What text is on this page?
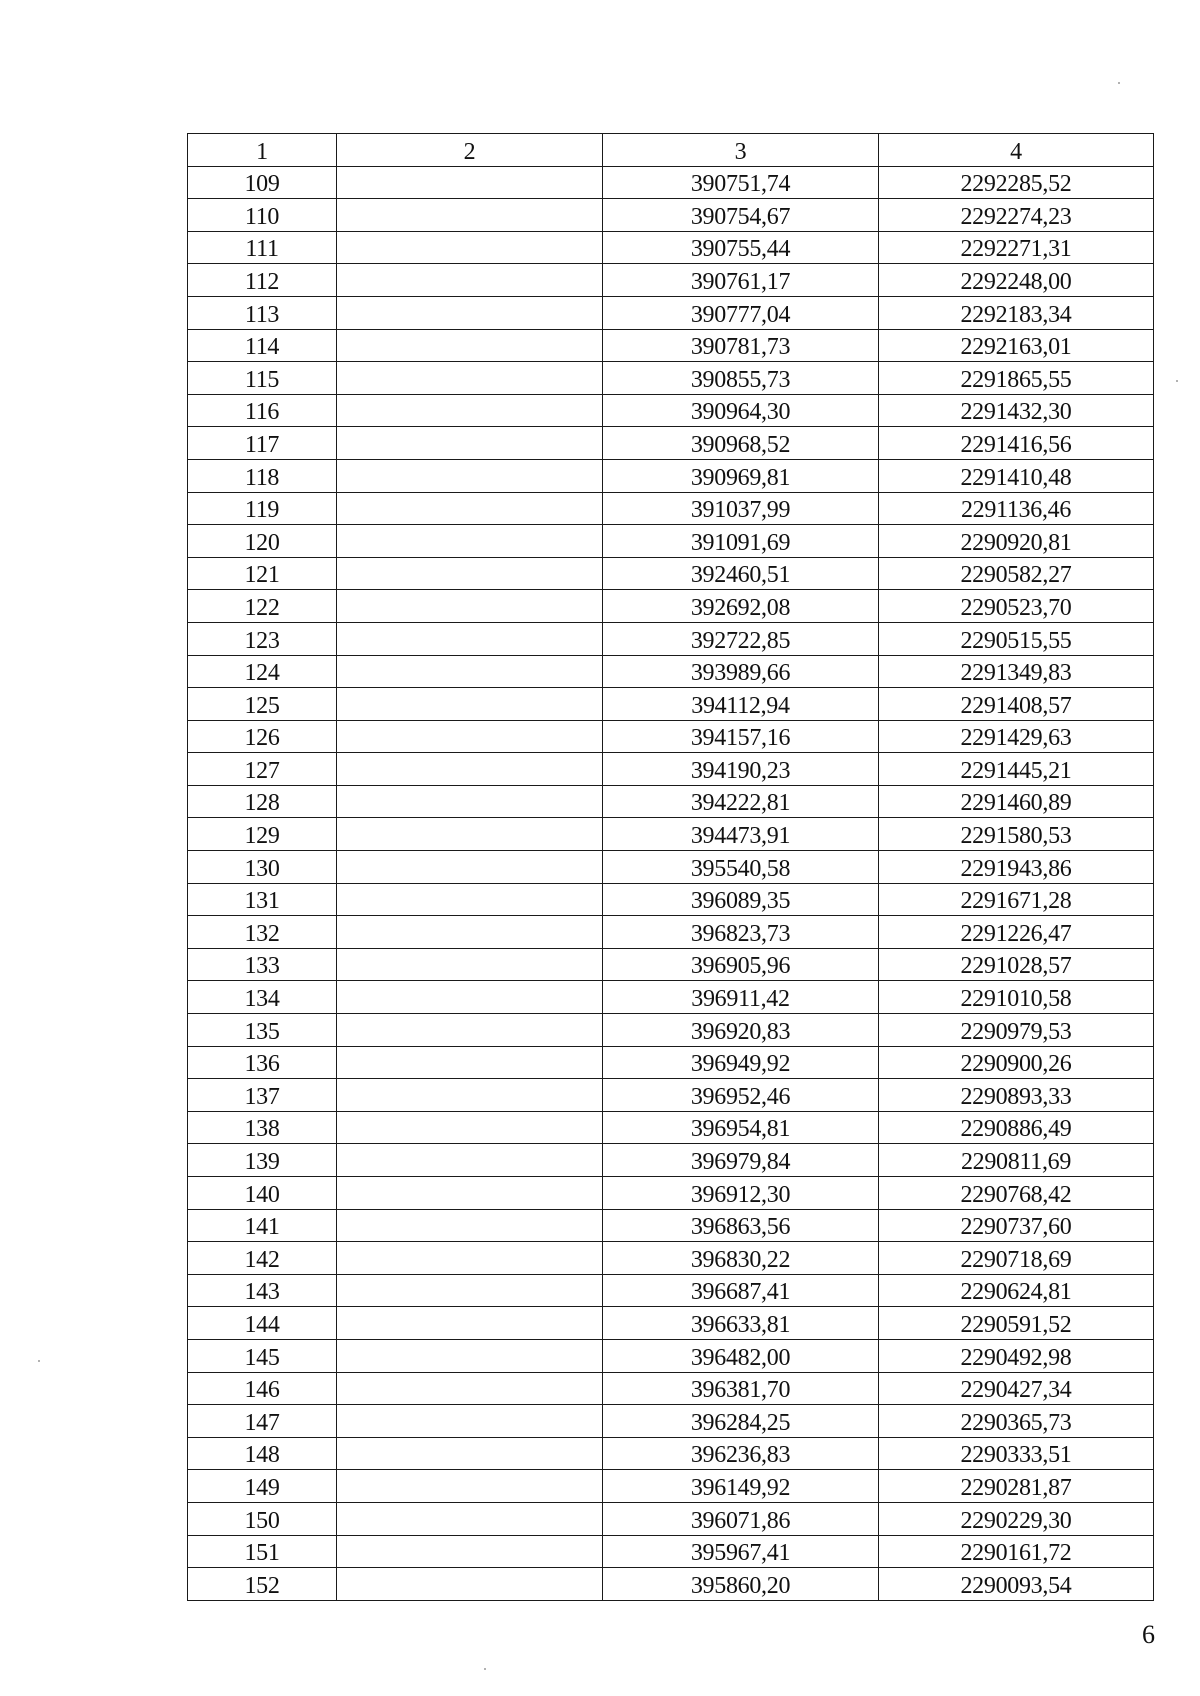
1	2	3	4
109		390751,74	2292285,52
110		390754,67	2292274,23
111		390755,44	2292271,31
112		390761,17	2292248,00
113		390777,04	2292183,34
114		390781,73	2292163,01
115		390855,73	2291865,55
116		390964,30	2291432,30
117		390968,52	2291416,56
118		390969,81	2291410,48
119		391037,99	2291136,46
120		391091,69	2290920,81
121		392460,51	2290582,27
122		392692,08	2290523,70
123		392722,85	2290515,55
124		393989,66	2291349,83
125		394112,94	2291408,57
126		394157,16	2291429,63
127		394190,23	2291445,21
128		394222,81	2291460,89
129		394473,91	2291580,53
130		395540,58	2291943,86
131		396089,35	2291671,28
132		396823,73	2291226,47
133		396905,96	2291028,57
134		396911,42	2291010,58
135		396920,83	2290979,53
136		396949,92	2290900,26
137		396952,46	2290893,33
138		396954,81	2290886,49
139		396979,84	2290811,69
140		396912,30	2290768,42
141		396863,56	2290737,60
142		396830,22	2290718,69
143		396687,41	2290624,81
144		396633,81	2290591,52
145		396482,00	2290492,98
146		396381,70	2290427,34
147		396284,25	2290365,73
148		396236,83	2290333,51
149		396149,92	2290281,87
150		396071,86	2290229,30
151		395967,41	2290161,72
152		395860,20	2290093,54
6
